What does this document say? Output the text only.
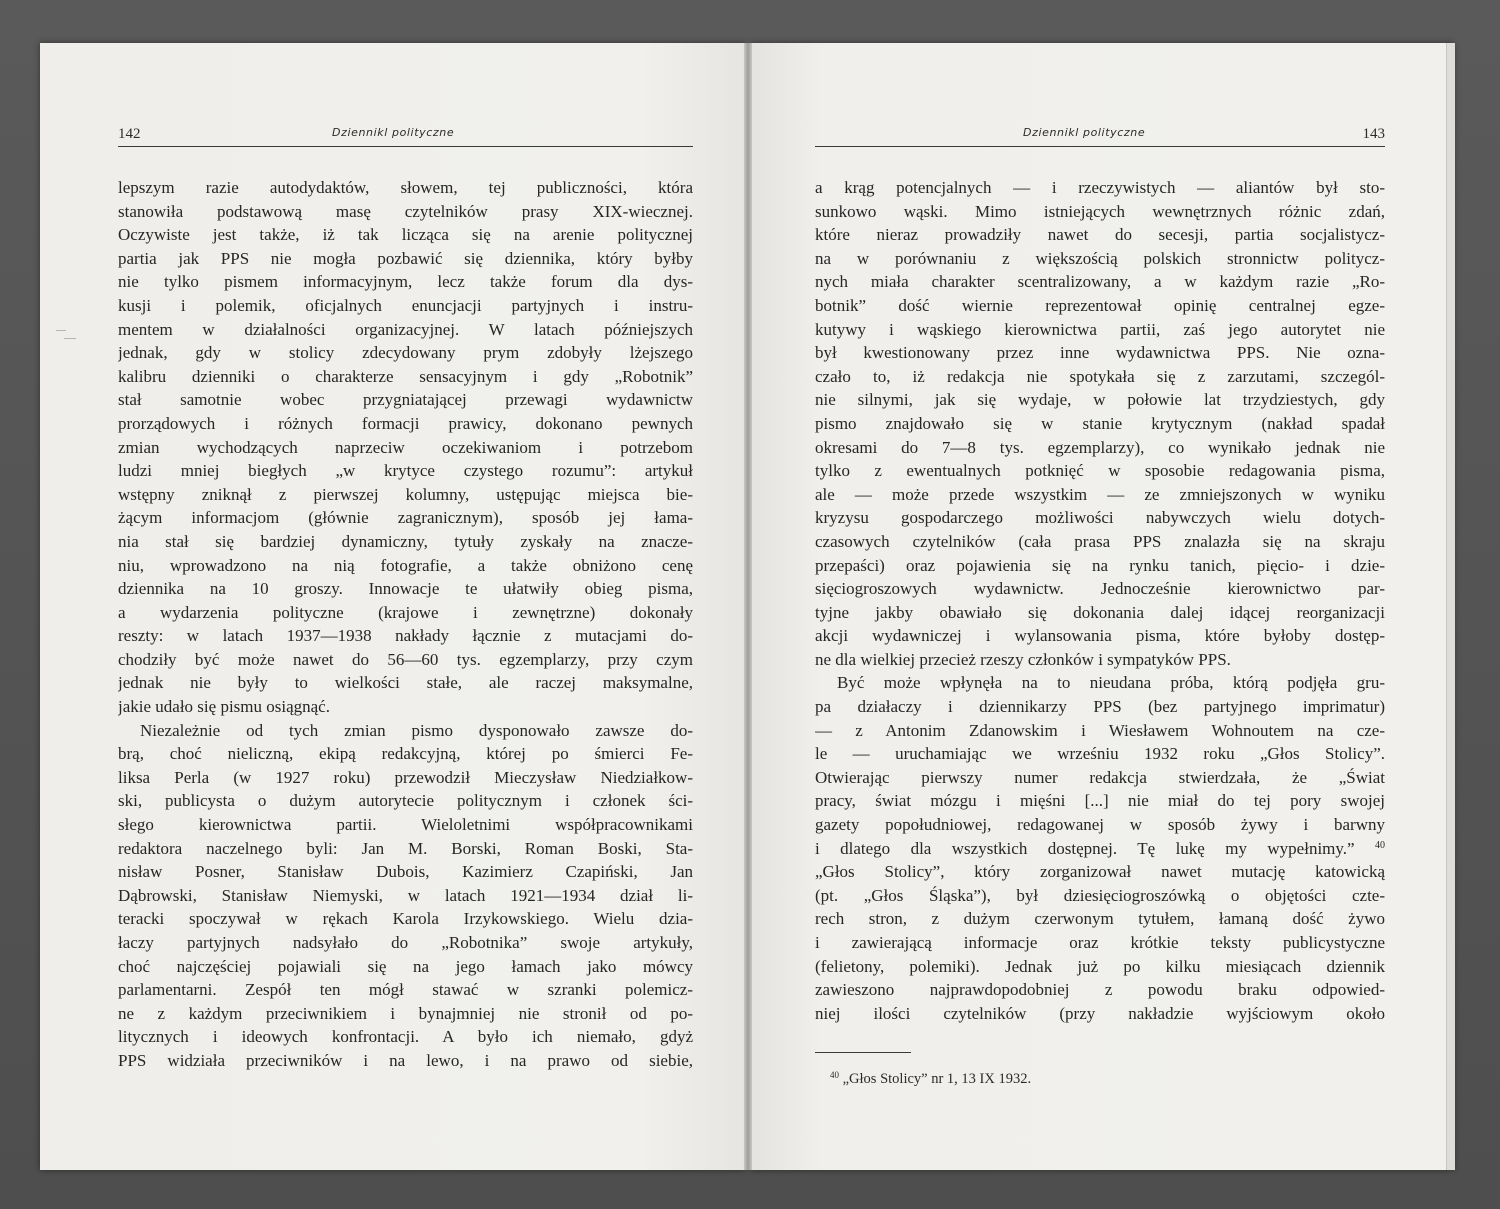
142	Dziennikl polityczne	Dziennikl polityczne	143
lepszym razie autodydaktów, słowem, tej publiczności, która
stanowiła podstawową masę czytelników prasy XIX-wiecznej.
Oczywiste jest także, iż tak licząca się na arenie politycznej
partia jak PPS nie mogła pozbawić się dziennika, który byłby
nie tylko pismem informacyjnym, lecz także forum dla dys-
kusji i polemik, oficjalnych enuncjacji partyjnych i instru-
mentem w działalności organizacyjnej. W latach późniejszych
jednak, gdy w stolicy zdecydowany prym zdobyły lżejszego
kalibru dzienniki o charakterze sensacyjnym i gdy „Robotnik”
stał samotnie wobec przygniatającej przewagi wydawnictw
prorządowych i różnych formacji prawicy, dokonano pewnych
zmian wychodzących naprzeciw oczekiwaniom i potrzebom
ludzi mniej biegłych „w krytyce czystego rozumu”: artykuł
wstępny zniknął z pierwszej kolumny, ustępując miejsca bie-
żącym informacjom (głównie zagranicznym), sposób jej łama-
nia stał się bardziej dynamiczny, tytuły zyskały na znacze-
niu, wprowadzono na nią fotografie, a także obniżono cenę
dziennika na 10 groszy. Innowacje te ułatwiły obieg pisma,
a wydarzenia polityczne (krajowe i zewnętrzne) dokonały
reszty: w latach 1937—1938 nakłady łącznie z mutacjami do-
chodziły być może nawet do 56—60 tys. egzemplarzy, przy czym
jednak nie były to wielkości stałe, ale raczej maksymalne,
jakie udało się pismu osiągnąć.
Niezależnie od tych zmian pismo dysponowało zawsze do-
brą, choć nieliczną, ekipą redakcyjną, której po śmierci Fe-
liksa Perla (w 1927 roku) przewodził Mieczysław Niedziałkow-
ski, publicysta o dużym autorytecie politycznym i członek ści-
słego kierownictwa partii. Wieloletnimi współpracownikami
redaktora naczelnego byli: Jan M. Borski, Roman Boski, Sta-
nisław Posner, Stanisław Dubois, Kazimierz Czapiński, Jan
Dąbrowski, Stanisław Niemyski, w latach 1921—1934 dział li-
teracki spoczywał w rękach Karola Irzykowskiego. Wielu dzia-
łaczy partyjnych nadsyłało do „Robotnika” swoje artykuły,
choć najczęściej pojawiali się na jego łamach jako mówcy
parlamentarni. Zespół ten mógł stawać w szranki polemicz-
ne z każdym przeciwnikiem i bynajmniej nie stronił od po-
litycznych i ideowych konfrontacji. A było ich niemało, gdyż
PPS widziała przeciwników i na lewo, i na prawo od siebie,
a krąg potencjalnych — i rzeczywistych — aliantów był sto-
sunkowo wąski. Mimo istniejących wewnętrznych różnic zdań,
które nieraz prowadziły nawet do secesji, partia socjalistycz-
na w porównaniu z większością polskich stronnictw politycz-
nych miała charakter scentralizowany, a w każdym razie „Ro-
botnik” dość wiernie reprezentował opinię centralnej egze-
kutywy i wąskiego kierownictwa partii, zaś jego autorytet nie
był kwestionowany przez inne wydawnictwa PPS. Nie ozna-
czało to, iż redakcja nie spotykała się z zarzutami, szczegól-
nie silnymi, jak się wydaje, w połowie lat trzydziestych, gdy
pismo znajdowało się w stanie krytycznym (nakład spadał
okresami do 7—8 tys. egzemplarzy), co wynikało jednak nie
tylko z ewentualnych potknięć w sposobie redagowania pisma,
ale — może przede wszystkim — ze zmniejszonych w wyniku
kryzysu gospodarczego możliwości nabywczych wielu dotych-
czasowych czytelników (cała prasa PPS znalazła się na skraju
przepaści) oraz pojawienia się na rynku tanich, pięcio- i dzie-
sięciogroszowych wydawnictw. Jednocześnie kierownictwo par-
tyjne jakby obawiało się dokonania dalej idącej reorganizacji
akcji wydawniczej i wylansowania pisma, które byłoby dostęp-
ne dla wielkiej przecież rzeszy członków i sympatyków PPS.
Być może wpłynęła na to nieudana próba, którą podjęła gru-
pa działaczy i dziennikarzy PPS (bez partyjnego imprimatur)
— z Antonim Zdanowskim i Wiesławem Wohnoutem na cze-
le — uruchamiając we wrześniu 1932 roku „Głos Stolicy”.
Otwierając pierwszy numer redakcja stwierdzała, że „Świat
pracy, świat mózgu i mięśni [...] nie miał do tej pory swojej
gazety popołudniowej, redagowanej w sposób żywy i barwny
i dlatego dla wszystkich dostępnej. Tę lukę my wypełnimy.” $^{40}$
„Głos Stolicy”, który zorganizował nawet mutację katowicką
(pt. „Głos Śląska”), był dziesięciogroszówką o objętości czte-
rech stron, z dużym czerwonym tytułem, łamaną dość żywo
i zawierającą informacje oraz krótkie teksty publicystyczne
(felietony, polemiki). Jednak już po kilku miesiącach dziennik
zawieszono najprawdopodobniej z powodu braku odpowied-
niej ilości czytelników (przy nakładzie wyjściowym około
$^{40}$ „Głos Stolicy” nr 1, 13 IX 1932.
